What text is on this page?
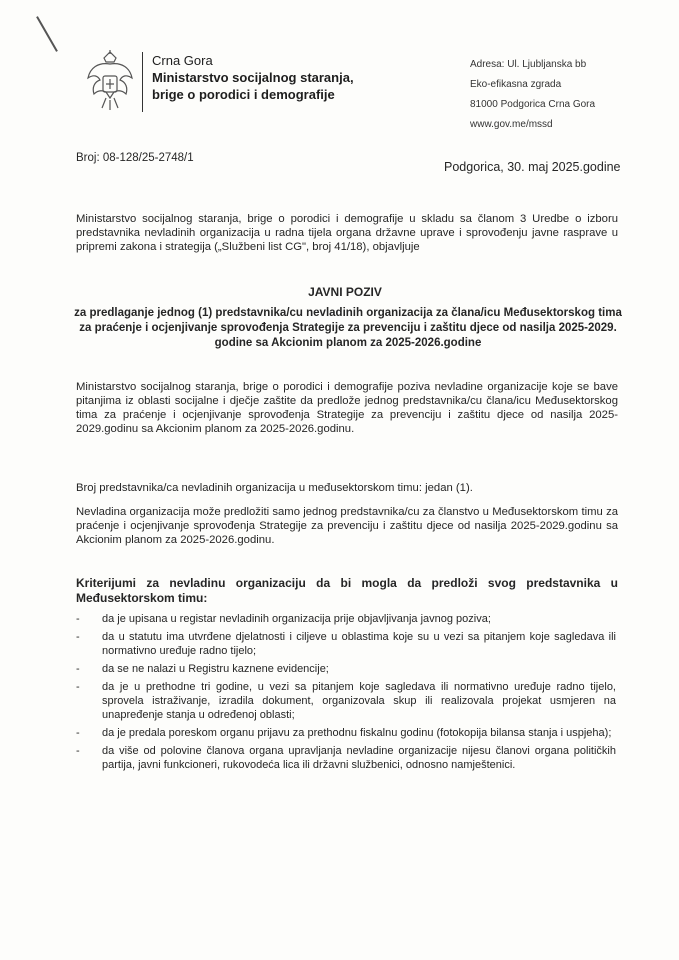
Crna Gora
Ministarstvo socijalnog staranja,
brige o porodici i demografije
Adresa: Ul. Ljubljanska bb
Eko-efikasna zgrada
81000 Podgorica Crna Gora
www.gov.me/mssd
Broj: 08-128/25-2748/1
Podgorica, 30. maj 2025.godine
Ministarstvo socijalnog staranja, brige o porodici i demografije u skladu sa članom 3 Uredbe o izboru predstavnika nevladinih organizacija u radna tijela organa državne uprave i sprovođenju javne rasprave u pripremi zakona i strategija („Službeni list CG", broj 41/18), objavljuje
JAVNI POZIV
za predlaganje jednog (1) predstavnika/cu nevladinih organizacija za člana/icu Međusektorskog tima za praćenje i ocjenjivanje sprovođenja Strategije za prevenciju i zaštitu djece od nasilja 2025-2029. godine sa Akcionim planom za 2025-2026.godine
Ministarstvo socijalnog staranja, brige o porodici i demografije poziva nevladine organizacije koje se bave pitanjima iz oblasti socijalne i dječje zaštite da predlože jednog predstavnika/cu člana/icu Međusektorskog tima za praćenje i ocjenjivanje sprovođenja Strategije za prevenciju i zaštitu djece od nasilja 2025-2029.godinu sa Akcionim planom za 2025-2026.godinu.
Broj predstavnika/ca nevladinih organizacija u međusektorskom timu: jedan (1).
Nevladina organizacija može predložiti samo jednog predstavnika/cu za članstvo u Međusektorskom timu za praćenje i ocjenjivanje sprovođenja Strategije za prevenciju i zaštitu djece od nasilja 2025-2029.godinu sa Akcionim planom za 2025-2026.godinu.
Kriterijumi za nevladinu organizaciju da bi mogla da predloži svog predstavnika u Međusektorskom timu:
- da je upisana u registar nevladinih organizacija prije objavljivanja javnog poziva;
- da u statutu ima utvrđene djelatnosti i ciljeve u oblastima koje su u vezi sa pitanjem koje sagledava ili normativno uređuje radno tijelo;
- da se ne nalazi u Registru kaznene evidencije;
- da je u prethodne tri godine, u vezi sa pitanjem koje sagledava ili normativno uređuje radno tijelo, sprovela istraživanje, izradila dokument, organizovala skup ili realizovala projekat usmjeren na unapređenje stanja u određenoj oblasti;
- da je predala poreskom organu prijavu za prethodnu fiskalnu godinu (fotokopija bilansa stanja i uspjeha);
- da više od polovine članova organa upravljanja nevladine organizacije nijesu članovi organa političkih partija, javni funkcioneri, rukovodeća lica ili državni službenici, odnosno namještenici.
